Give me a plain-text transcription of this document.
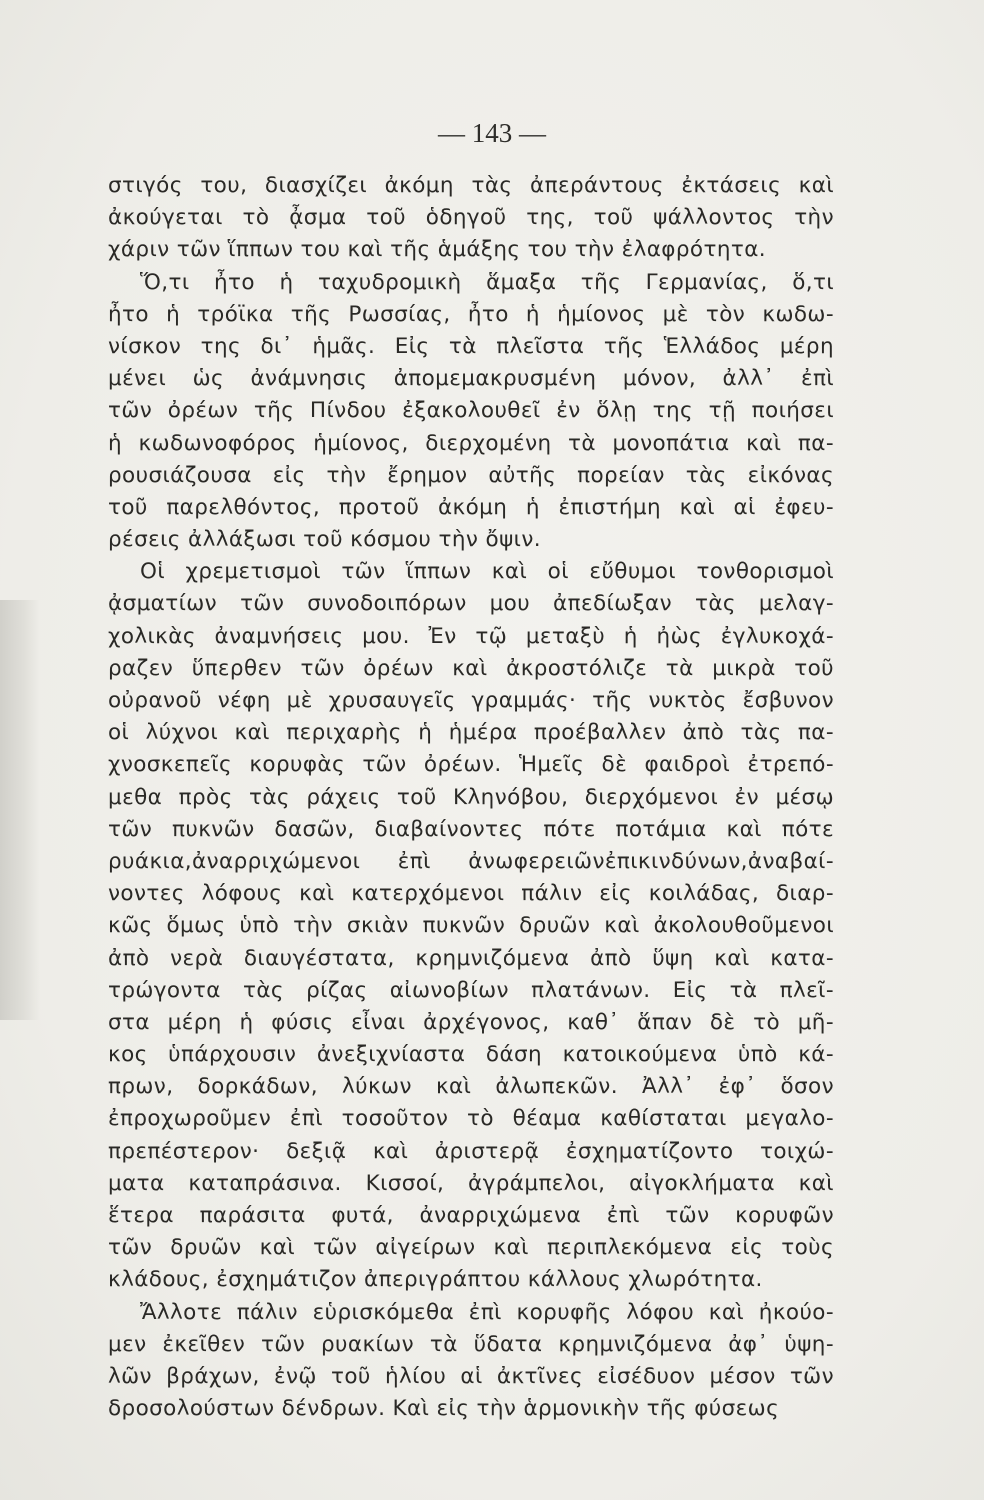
— 143 —
στιγός του, διασχίζει ἀκόμη τὰς ἀπεράντους ἐκτάσεις καὶ
ἀκούγεται τὸ ᾆσμα τοῦ ὁδηγοῦ της, τοῦ ψάλλοντος τὴν
χάριν τῶν ἵππων του καὶ τῆς ἁμάξης του τὴν ἐλαφρότητα.
Ὅ,τι ἦτο ἡ ταχυδρομικὴ ἅμαξα τῆς Γερμανίας, ὅ,τι
ἦτο ἡ τρόϊκα τῆς Ρωσσίας, ἦτο ἡ ἡμίονος μὲ τὸν κωδω-
νίσκον της δι᾽ ἡμᾶς. Εἰς τὰ πλεῖστα τῆς Ἑλλάδος μέρη
μένει ὡς ἀνάμνησις ἀπομεμακρυσμένη μόνον, ἀλλ᾽ ἐπὶ
τῶν ὀρέων τῆς Πίνδου ἐξακολουθεῖ ἐν ὅλῃ της τῇ ποιήσει
ἡ κωδωνοφόρος ἡμίονος, διερχομένη τὰ μονοπάτια καὶ πα-
ρουσιάζουσα εἰς τὴν ἔρημον αὐτῆς πορείαν τὰς εἰκόνας
τοῦ παρελθόντος, προτοῦ ἀκόμη ἡ ἐπιστήμη καὶ αἱ ἐφευ-
ρέσεις ἀλλάξωσι τοῦ κόσμου τὴν ὄψιν.
Οἱ χρεμετισμοὶ τῶν ἵππων καὶ οἱ εὔθυμοι τονθορισμοὶ
ᾀσματίων τῶν συνοδοιπόρων μου ἀπεδίωξαν τὰς μελαγ-
χολικὰς ἀναμνήσεις μου. Ἐν τῷ μεταξὺ ἡ ἠὼς ἐγλυκοχά-
ραζεν ὕπερθεν τῶν ὀρέων καὶ ἀκροστόλιζε τὰ μικρὰ τοῦ
οὐρανοῦ νέφη μὲ χρυσαυγεῖς γραμμάς· τῆς νυκτὸς ἔσβυνον
οἱ λύχνοι καὶ περιχαρὴς ἡ ἡμέρα προέβαλλεν ἀπὸ τὰς πα-
χνοσκεπεῖς κορυφὰς τῶν ὀρέων. Ἡμεῖς δὲ φαιδροὶ ἐτρεπό-
μεθα πρὸς τὰς ράχεις τοῦ Κληνόβου, διερχόμενοι ἐν μέσῳ
τῶν πυκνῶν δασῶν, διαβαίνοντες πότε ποτάμια καὶ πότε
ρυάκια,ἀναρριχώμενοι ἐπὶ ἀνωφερειῶνἐπικινδύνων,ἀναβαί-
νοντες λόφους καὶ κατερχόμενοι πάλιν εἰς κοιλάδας, διαρ-
κῶς ὅμως ὑπὸ τὴν σκιὰν πυκνῶν δρυῶν καὶ ἀκολουθοῦμενοι
ἀπὸ νερὰ διαυγέστατα, κρημνιζόμενα ἀπὸ ὕψη καὶ κατα-
τρώγοντα τὰς ρίζας αἰωνοβίων πλατάνων. Εἰς τὰ πλεῖ-
στα μέρη ἡ φύσις εἶναι ἀρχέγονος, καθ᾽ ἅπαν δὲ τὸ μῆ-
κος ὑπάρχουσιν ἀνεξιχνίαστα δάση κατοικούμενα ὑπὸ κά-
πρων, δορκάδων, λύκων καὶ ἀλωπεκῶν. Ἀλλ᾽ ἐφ᾽ ὅσον
ἐπροχωροῦμεν ἐπὶ τοσοῦτον τὸ θέαμα καθίσταται μεγαλο-
πρεπέστερον· δεξιᾷ καὶ ἀριστερᾷ ἐσχηματίζοντο τοιχώ-
ματα καταπράσινα. Κισσοί, ἀγράμπελοι, αἰγοκλήματα καὶ
ἕτερα παράσιτα φυτά, ἀναρριχώμενα ἐπὶ τῶν κορυφῶν
τῶν δρυῶν καὶ τῶν αἰγείρων καὶ περιπλεκόμενα εἰς τοὺς
κλάδους, ἐσχημάτιζον ἀπεριγράπτου κάλλους χλωρότητα.
Ἄλλοτε πάλιν εὑρισκόμεθα ἐπὶ κορυφῆς λόφου καὶ ἠκούο-
μεν ἐκεῖθεν τῶν ρυακίων τὰ ὕδατα κρημνιζόμενα ἀφ᾽ ὑψη-
λῶν βράχων, ἐνῷ τοῦ ἡλίου αἱ ἀκτῖνες εἰσέδυον μέσον τῶν
δροσολούστων δένδρων. Καὶ εἰς τὴν ἁρμονικὴν τῆς φύσεως
